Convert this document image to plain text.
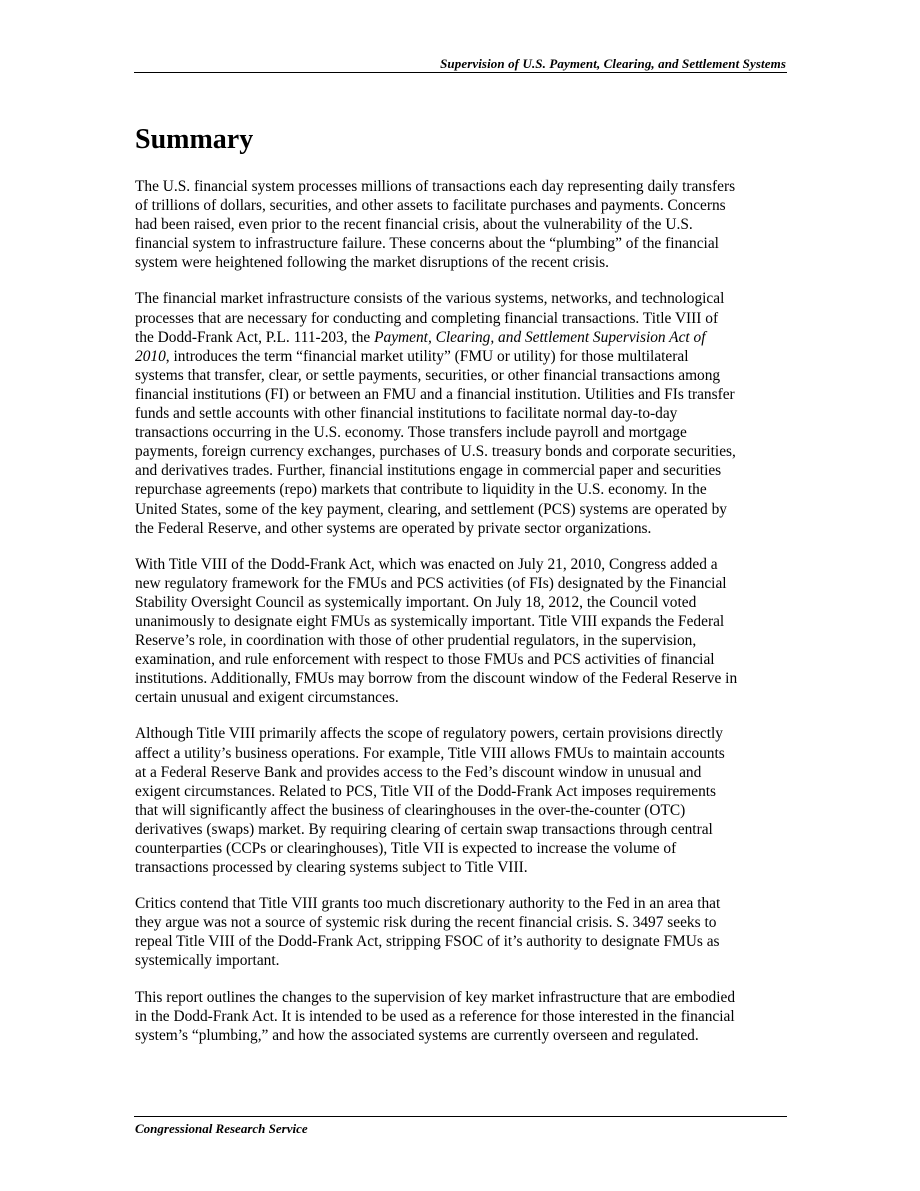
Supervision of U.S. Payment, Clearing, and Settlement Systems
Summary

The U.S. financial system processes millions of transactions each day representing daily transfers
of trillions of dollars, securities, and other assets to facilitate purchases and payments. Concerns
had been raised, even prior to the recent financial crisis, about the vulnerability of the U.S.
financial system to infrastructure failure. These concerns about the “plumbing” of the financial
system were heightened following the market disruptions of the recent crisis.

The financial market infrastructure consists of the various systems, networks, and technological
processes that are necessary for conducting and completing financial transactions. Title VIII of
the Dodd-Frank Act, P.L. 111-203, the Payment, Clearing, and Settlement Supervision Act of
2010, introduces the term “financial market utility” (FMU or utility) for those multilateral
systems that transfer, clear, or settle payments, securities, or other financial transactions among
financial institutions (FI) or between an FMU and a financial institution. Utilities and FIs transfer
funds and settle accounts with other financial institutions to facilitate normal day-to-day
transactions occurring in the U.S. economy. Those transfers include payroll and mortgage
payments, foreign currency exchanges, purchases of U.S. treasury bonds and corporate securities,
and derivatives trades. Further, financial institutions engage in commercial paper and securities
repurchase agreements (repo) markets that contribute to liquidity in the U.S. economy. In the
United States, some of the key payment, clearing, and settlement (PCS) systems are operated by
the Federal Reserve, and other systems are operated by private sector organizations.

With Title VIII of the Dodd-Frank Act, which was enacted on July 21, 2010, Congress added a
new regulatory framework for the FMUs and PCS activities (of FIs) designated by the Financial
Stability Oversight Council as systemically important. On July 18, 2012, the Council voted
unanimously to designate eight FMUs as systemically important. Title VIII expands the Federal
Reserve’s role, in coordination with those of other prudential regulators, in the supervision,
examination, and rule enforcement with respect to those FMUs and PCS activities of financial
institutions. Additionally, FMUs may borrow from the discount window of the Federal Reserve in
certain unusual and exigent circumstances.

Although Title VIII primarily affects the scope of regulatory powers, certain provisions directly
affect a utility’s business operations. For example, Title VIII allows FMUs to maintain accounts
at a Federal Reserve Bank and provides access to the Fed’s discount window in unusual and
exigent circumstances. Related to PCS, Title VII of the Dodd-Frank Act imposes requirements
that will significantly affect the business of clearinghouses in the over-the-counter (OTC)
derivatives (swaps) market. By requiring clearing of certain swap transactions through central
counterparties (CCPs or clearinghouses), Title VII is expected to increase the volume of
transactions processed by clearing systems subject to Title VIII.

Critics contend that Title VIII grants too much discretionary authority to the Fed in an area that
they argue was not a source of systemic risk during the recent financial crisis. S. 3497 seeks to
repeal Title VIII of the Dodd-Frank Act, stripping FSOC of it’s authority to designate FMUs as
systemically important.

This report outlines the changes to the supervision of key market infrastructure that are embodied
in the Dodd-Frank Act. It is intended to be used as a reference for those interested in the financial
system’s “plumbing,” and how the associated systems are currently overseen and regulated.

Congressional Research Service
